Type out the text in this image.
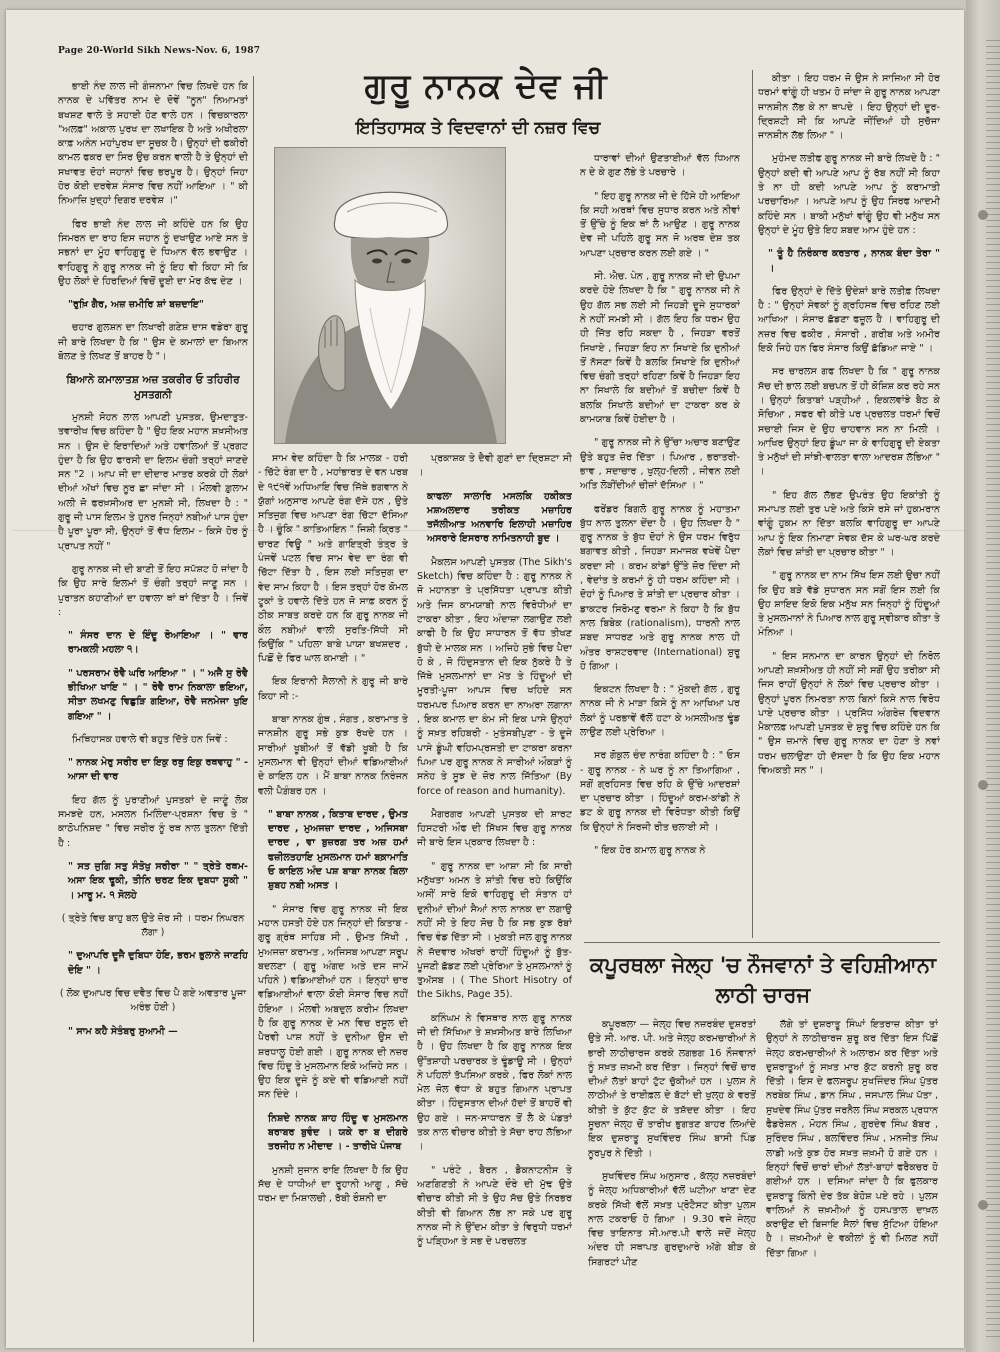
Page 20-World Sikh News-Nov. 6, 1987
ਗੁਰੂ ਨਾਨਕ ਦੇਵ ਜੀ
ਇਤਿਹਾਸਕ ਤੇ ਵਿਦਵਾਨਾਂ ਦੀ ਨਜ਼ਰ ਵਿਚ

ਭਾਈ ਨੰਦ ਲਾਲ ਜੀ ਗੰਜਨਾਮਾ ਵਿਚ ਲਿਖਦੇ ਹਨ ਕਿ ਨਾਨਕ ਦੇ ਪਵਿੱਤਰ ਨਾਮ ਦੇ ਦੋਵੇਂ "ਨੂਨ" ਨਿਆਮਤਾਂ ਬਖਸ਼ਣ ਵਾਲੇ ਤੇ ਸਹਾਈ ਹੋਣ ਵਾਲੇ ਹਨ । ਵਿਚਕਾਰਲਾ "ਅਲਫ਼" ਅਕਾਲ ਪੁਰਖ ਦਾ ਲਖਾਇਕ ਹੈ ਅਤੇ ਅਖੀਰਲਾ ਕਾਫ਼ ਅਨੰਨ ਮਹਾਂਪੁਰਖ ਦਾ ਸੂਚਕ ਹੈ। ਉਨ੍ਹਾਂ ਦੀ ਫਕੀਰੀ ਕਾਮਲ ਫਕਰ ਦਾ ਸਿਰ ਉਚ ਕਰਨ ਵਾਲੀ ਹੈ ਤੇ ਉਨ੍ਹਾਂ ਦੀ ਸਖਾਵਤ ਦੋਹਾਂ ਜਹਾਨਾਂ ਵਿਚ ਭਰਪੂਰ ਹੈ। ਉਨ੍ਹਾਂ ਜਿਹਾ ਹੋਰ ਕੋਈ ਦਰਵੇਸ਼ ਸੰਸਾਰ ਵਿਚ ਨਹੀਂ ਆਇਆ । " ਕੀ ਨਿਆਜ਼ਿ ਖ਼ੁਦ੍ਹਾਂ ਦਿਗਰ ਦਰਵੇਸ਼ ।"

ਫਿਰ ਭਾਈ ਨੰਦ ਲਾਲ ਜੀ ਕਹਿੰਦੇ ਹਨ ਕਿ ਉਹ ਸਿਮਰਨ ਦਾ ਰਾਹ ਇਸ ਜਹਾਨ ਨੂੰ ਦਖਾਉਣ ਆਏ ਸਨ ਤੇ ਸਭਨਾਂ ਦਾ ਮੂੰਹ ਵਾਹਿਗੁਰੂ ਦੇ ਧਿਆਨ ਵੱਲ ਭਵਾਉਣ । ਵਾਹਿਗੁਰੂ ਨੇ ਗੁਰੂ ਨਾਨਕ ਜੀ ਨੂੰ ਇਹ ਵੀ ਕਿਹਾ ਸੀ ਕਿ ਉਹ ਲੋਕਾਂ ਦੇ ਹਿਰਦਿਆਂ ਵਿਚੋਂ ਦੂਈ ਦਾ ਮੋਰ ਕੱਢ ਦੇਣ ।

"ਰੁਖ਼ਿ ਗੈਰ, ਅਜ਼ ਜ਼ਮੀਰਿ ਸ਼ਾਂ ਬਜ਼ਦਾਇ"

ਚਹਾਰ ਗੁਲਸ਼ਨ ਦਾ ਲਿਖਾਰੀ ਗਣੇਸ਼ ਦਾਸ ਵਡੇਰਾ ਗੁਰੂ ਜੀ ਬਾਰੇ ਲਿਖਦਾ ਹੈ ਕਿ " ਉਸ ਦੇ ਕਮਾਲਾਂ ਦਾ ਬਿਆਨ ਬੋਲਣ ਤੇ ਲਿਖਣ ਤੋਂ ਬਾਹਰ ਹੈ "।

ਬਿਆਨੇ ਕਮਾਲਾਤਸ਼ ਅਜ਼ ਤਕਰੀਰ ਓ ਤਹਿਰੀਰ ਮੁਸਤਗਨੀ

ਮੁਨਸ਼ੀ ਸੋਹਨ ਲਾਲ ਆਪਣੀ ਪੁਸਤਕ, ਉਮਦਾਤੁਤ-ਤਵਾਰੀਖ ਵਿਚ ਕਹਿੰਦਾ ਹੈ " ਉਹ ਇਕ ਮਹਾਨ ਸ਼ਖ਼ਸੀਅਤ ਸਨ । ਉਸ ਦੇ ਇਰਾਦਿਆਂ ਅਤੇ ਹਵਾਲਿਆਂ ਤੋਂ ਪ੍ਰਗਟ ਹੁੰਦਾ ਹੈ ਕਿ ਉਹ ਫਾਰਸੀ ਦਾ ਇਲਮ ਚੰਗੀ ਤਰ੍ਹਾਂ ਜਾਣਦੇ ਸਨ "2 । ਆਪ ਜੀ ਦਾ ਦੀਦਾਰ ਮਾਤਰ ਕਰਕੇ ਹੀ ਲੋਕਾਂ ਦੀਆਂ ਅੱਖਾਂ ਵਿਚ ਨੂਰ ਛਾ ਜਾਂਦਾ ਸੀ । ਮੌਲਵੀ ਗ਼ੁਲਾਮ ਅਲੀ ਜੋ ਫਰਖ਼ਸੀਅਰ ਦਾ ਮੁਨਸ਼ੀ ਸੀ, ਲਿਖਦਾ ਹੈ : " ਗੁਰੂ ਜੀ ਪਾਸ ਇਲਮ ਤੇ ਹੁਨਰ ਜਿਨ੍ਹਾਂ ਨਬੀਆਂ ਪਾਸ ਹੁੰਦਾ ਹੈ ਪੂਰਾ ਪੂਰਾ ਸੀ, ਉਨ੍ਹਾਂ ਤੋਂ ਵੱਧ ਇਲਮ - ਕਿਸੇ ਹੋਰ ਨੂੰ ਪ੍ਰਾਪਤ ਨਹੀਂ "

ਗੁਰੂ ਨਾਨਕ ਜੀ ਦੀ ਬਾਣੀ ਤੋਂ ਇਹ ਸਪੱਸ਼ਟ ਹੋ ਜਾਂਦਾ ਹੈ ਕਿ ਉਹ ਸਾਰੇ ਇਲਮਾਂ ਤੋਂ ਚੰਗੀ ਤਰ੍ਹਾਂ ਜਾਣੂ ਸਨ । ਪੁਰਾਤਨ ਕਹਾਣੀਆਂ ਦਾ ਹਵਾਲਾ ਥਾਂ ਥਾਂ ਦਿੱਤਾ ਹੈ । ਜਿਵੇਂ :

" ਸੰਸਰ ਦਾਨ ਦੇ ਇੰਦੂ ਰੋਆਇਆ । " ਵਾਰ ਰਾਮਕਲੀ ਮਹਲਾ ੧।

" ਪਰਸਰਾਮ ਰੋਵੈ ਘਰਿ ਆਇਆ " । " ਅਜੈ ਸੁ ਰੋਵੈ ਭੀਖਿਆ ਖਾਇ " । " ਰੋਵੈ ਰਾਮ ਨਿਕਾਲਾ ਭਇਆ, ਸੀਤਾ ਲਖਮਣੁ ਵਿਛੁੜਿ ਗਇਆ, ਰੋਵੈ ਜਨਮੇਜਾ ਖੁਇ ਗਇਆ " ।

ਮਿਥਿਹਾਸਕ ਹਵਾਲੇ ਵੀ ਬਹੁਤ ਦਿੱਤੇ ਹਨ ਜਿਵੇਂ :

" ਨਾਨਕ ਮੇਰੁ ਸਰੀਰ ਦਾ ਇਕੁ ਰਥੁ ਇਕੁ ਰਥਵਾਹੁ " - ਆਸਾ ਦੀ ਵਾਰ

ਇਹ ਗੱਲ ਨੂੰ ਪੁਰਾਣੀਆਂ ਪੁਸਤਕਾਂ ਦੇ ਜਾਣੂੰ ਲੋਕ ਸਮਝਦੇ ਹਨ, ਮਸਲਨ ਮਿਲਿੰਦਾ-ਪ੍ਰਸ਼ਨਾ ਵਿਚ ਤੇ " ਕਾਠੋਪਨਿਸ਼ਦ " ਵਿਚ ਸਰੀਰ ਨੂੰ ਰਥ ਨਾਲ ਤੁਲਨਾ ਦਿੱਤੀ ਹੈ :

" ਸਤ ਜੁਗਿ ਸਤੁ ਸੰਤੋਖੁ ਸਰੀਰਾ " " ਤ੍ਰੇਤੇ ਰਥਮ-ਅਸਾ ਇਕ ਢੂਕੀ, ਤੀਨਿ ਚਰਣ ਇਕ ਦੁਬਧਾ ਸੂਕੀ " । ਮਾਰੂ ਮ. ੧ ਸੋਲਹੇ

( ਤ੍ਰੇਤੇ ਵਿਚ ਬਾਹੁ ਬਲ ਉਤੇ ਜ਼ੋਰ ਸੀ । ਧਰਮ ਨਿਘਰਨ ਲੱਗਾ )

" ਦੁਆਪਰਿ ਦੂਜੈ ਦੁਬਿਧਾ ਹੋਇ, ਭਰਮ ਭੁਲਾਨੇ ਜਾਣਹਿ ਦੋਇ " ।

( ਲੋਕ ਦੁਆਪਰ ਵਿਚ ਦਵੈਤ ਵਿਚ ਪੈ ਗਏ ਅਵਤਾਰ ਪੂਜਾ ਅਰੰਭ ਹੋਈ )

" ਸਾਮ ਕਹੈ ਸੇਤੰਬਰੁ ਸੁਆਮੀ —

ਸਾਮ ਵੇਦ ਕਹਿੰਦਾ ਹੈ ਕਿ ਮਾਲਕ - ਹਰੀ - ਚਿੱਟੇ ਰੰਗ ਦਾ ਹੈ , ਮਹਾਂਭਾਰਤ ਦੇ ਵਨ ਪਰਬ ਦੇ ੧੯੧ਵੇਂ ਅਧਿਆਇ ਵਿਚ ਜਿੱਥੇ ਭਗਵਾਨ ਨੇ ਯੁੱਗਾਂ ਅਨੁਸਾਰ ਆਪਣੇ ਰੰਗ ਦੱਸੇ ਹਨ , ਉਤੇ ਸਤਿਜੁਗ ਵਿਚ ਆਪਣਾ ਰੰਗ ਚਿੱਟਾ ਦੱਸਿਆ ਹੈ । ਚੂੰਕਿ " ਕਾਤਿਆਇਨ " ਜਿਸ਼ੀ ਕ੍ਰਿਤ " ਚਾਰਣ ਵਿਊ " ਅਤੇ ਗਾਇਤ੍ਰੀ ਤੰਤ੍ਰ ਤੇ ਪੰਜਵੇਂ ਪਟਲ ਵਿਚ ਸਾਮ ਵੇਦ ਦਾ ਰੰਗ ਵੀ ਚਿੱਟਾ ਦਿੱਤਾ ਹੈ , ਇਸ ਲਈ ਸਤਿਜੁਗ ਦਾ ਵੇਦ ਸਾਮ ਕਿਹਾ ਹੈ । ਇਸ ਤਰ੍ਹਾਂ ਹੋਰ ਕੋਮਲ ਟੂਕਾਂ ਤੇ ਹਵਾਲੇ ਦਿੱਤੇ ਹਨ ਜੋ ਸਾਫ਼ ਕਰਨ ਨੂੰ ਠੀਕ ਸਾਬਤ ਕਰਦੇ ਹਨ ਕਿ ਗੁਰੂ ਨਾਨਕ ਜੀ ਕੌਲ ਨਬੀਆਂ ਵਾਲੀ ਸੁਰਤਿ-ਸਿੱਧੀ ਸੀ ਕਿਉਂਕਿ " ਪਹਿਲਾ ਬਾਬੇ ਪਾਯਾ ਬਖਸ਼ਦਰ , ਪਿਛੋਂ ਦੇ ਫਿਰ ਘਾਲ ਕਮਾਈ । "

ਇਕ ਇਰਾਨੀ ਸੈਲਾਨੀ ਨੇ ਗੁਰੂ ਜੀ ਬਾਰੇ ਕਿਹਾ ਸੀ :-

ਬਾਬਾ ਨਾਨਕ ਗੁੰਥ , ਸੰਗਤ , ਕਰਾਮਾਤ ਤੇ ਜਾਨਸ਼ੀਨ ਗੁਰੂ ਸਭੇ ਕੁਝ ਰੱਖਦੇ ਹਨ । ਸਾਰੀਆਂ ਖੂਬੀਆਂ ਤੋਂ ਵੱਡੀ ਖੂਬੀ ਹੈ ਕਿ ਮੁਸਲਮਾਨ ਵੀ ਉਨ੍ਹਾਂ ਦੀਆਂ ਵਡਿਆਈਆਂ ਦੇ ਕਾਇਲ ਹਨ । ਮੈਂ ਬਾਬਾ ਨਾਨਕ ਨਿਰੰਜਨ ਵਲੀ ਪੈਗ਼ੰਬਰ ਹਨ ।

" ਬਾਬਾ ਨਾਨਕ , ਕਿਤਾਬ ਦਾਰਦ , ਉਮਤ ਦਾਰਦ , ਮੁਅਜਜ਼ਾ ਦਾਰਦ , ਅਜਿਸਬਾ ਦਾਰਦ , ਵਾ ਬੁਜ਼ਰਗ ਤਰ ਅਜ਼ ਹਮਾਂ ਫਜ਼ੀਲਤਹਾਇ ਮੁਸਲਮਾਨ ਹਮਾਂ ਬਕ਼ਾਮਾਤਿ ਓ ਕਾਇਲ ਅੰਦ ਪਸ਼ ਬਾਬਾ ਨਾਨਕ ਬਿਲਾ ਸ਼ੁਬਹ ਨਬੀ ਅਸਤ ।

" ਸੰਸਾਰ ਵਿਚ ਗੁਰੂ ਨਾਨਕ ਜੀ ਇਕ ਮਹਾਨ ਹਸਤੀ ਹੋਏ ਹਨ ਜਿਨ੍ਹਾਂ ਦੀ ਕਿਤਾਬ - ਗੁਰੂ ਗ੍ਰੰਥ ਸਾਹਿਬ ਸੀ , ਉਮਤ ਸਿੱਖੀ , ਮੁਅਜਜ਼ਾ ਕਰਾਮਤ , ਅਜਿਸਬ ਆਪਣਾ ਸਰੂਪ ਬਦਲਣਾ ( ਗੁਰੂ ਅੰਗਦ ਅਤੇ ਦਸ ਜਾਮੇਂ ਪਹਿਨੇ ) ਵਡਿਆਈਆਂ ਹਨ । ਇਨ੍ਹਾਂ ਚਾਰ ਵਡਿਆਈਆਂ ਵਾਲਾ ਕੋਈ ਸੰਸਾਰ ਵਿਚ ਨਹੀਂ ਹੋਇਆ । ਮੌਲਵੀ ਅਬਦੁਲ ਕਰੀਮ ਲਿਖਦਾ ਹੈ ਕਿ ਗੁਰੂ ਨਾਨਕ ਦੇ ਮਨ ਵਿਚ ਰਸੂਲ ਦੀ ਪੈਰਵੀ ਪਾਸ਼ ਨਹੀਂ ਤੇ ਦੁਨੀਆ ਉਸ ਦੀ ਸ਼ਰਧਾਲੂ ਹੋਈ ਗਈ । ਗੁਰੂ ਨਾਨਕ ਦੀ ਨਜ਼ਰ ਵਿਚ ਹਿੰਦੂ ਤੇ ਮੁਸਲਮਾਨ ਇਕੋ ਅਜਿਹੇ ਸਨ । ਉਹ ਇਕ ਦੂਜੇ ਨੂੰ ਕਦੇ ਵੀ ਵਡਿਆਈ ਨਹੀਂ ਸਨ ਦਿੰਦੇ ।

ਨਿਸ਼ਦੇ ਨਾਨਕ ਸ਼ਾਹ ਹਿੰਦੂ ਵ ਮੁਸਲਮਾਨ ਬਰਾਬਰ ਬੁਵੰਦ । ਯਕੇ ਰਾ ਬ ਦੀਗਰੇ ਤਰਜੀਹ ਨ ਮੀਦਾਦ । - ਤਾਰੀਖੇ ਪੰਜਾਬ

ਮੁਨਸ਼ੀ ਸੁਜਾਨ ਰਾਇ ਲਿਖਦਾ ਹੈ ਕਿ ਉਹ ਸੱਚ ਦੇ ਧਾਧੀਆਂ ਦਾ ਰੂਹਾਨੀ ਆਗੂ , ਸੱਚੇ ਧਰਮ ਦਾ ਮਿਸ਼ਾਲਚੀ , ਰੱਬੀ ਰੌਸ਼ਨੀ ਦਾ

ਪ੍ਰਕਾਸ਼ਕ ਤੇ ਦੈਵੀ ਗੁਣਾਂ ਦਾ ਦ੍ਰਿਸ਼ਟਾ ਸੀ ।

ਕਾਫਲਾ ਸਾਲਾਰਿ ਮਸਲਕਿ ਹਕੀਕਤ ਮਸ਼ਅਲਦਾਰ ਤਰੀਕਤ ਮਜ਼ਾਹਿਰ ਤਜੱਲੀਆਤ ਅਨਵਾਰਿ ਇਲਾਹੀ ਮਜ਼ਾਹਿਰ ਅਸਰਾਰੇ ਇਸਰਾਰ ਨਾਮਿਤਨਾਹੀ ਬੂਦ ।

ਮੈਕਲਸ ਆਪਣੀ ਪੁਸਤਕ (The Sikh's Sketch) ਵਿਚ ਕਹਿੰਦਾ ਹੈ : ਗੁਰੂ ਨਾਨਕ ਨੇ ਜੋ ਮਹਾਨਤਾ ਤੇ ਪ੍ਰਸਿੱਧਤਾ ਪ੍ਰਾਪਤ ਕੀਤੀ ਅਤੇ ਜਿਸ ਕਾਮਯਾਬੀ ਨਾਲ ਵਿਰੋਧੀਆਂ ਦਾ ਟਾਕਰਾ ਕੀਤਾ , ਇਹ ਅੰਦਾਜ਼ਾ ਲਗਾਉਣ ਲਈ ਕਾਫੀ ਹੈ ਕਿ ਉਹ ਸਾਧਾਰਨ ਤੋਂ ਵੱਧ ਤੀਖਣ ਬੁੱਧੀ ਦੇ ਮਾਲਕ ਸਨ । ਅਜਿਹੇ ਸੁਭੇ ਵਿਚ ਪੈਦਾ ਹੋ ਕੇ , ਜੋ ਹਿੰਦੁਸਤਾਨ ਦੀ ਇਕ ਨੁੱਕਰੇ ਹੈ ਤੇ ਜਿੱਥੇ ਮੁਸਲਮਾਨਾਂ ਦਾ ਮੱਤ ਤੇ ਹਿੰਦੂਆਂ ਦੀ ਮੂਰਤੀ-ਪੂਜਾ ਆਪਸ ਵਿਚ ਖਹਿਦੇ ਸਨ ਧਰਮਪਰ ਪਿਆਰ ਕਰਨ ਦਾ ਨਾਅਰਾ ਲਗਾਨਾ , ਇਕ ਕਮਾਲ ਦਾ ਕੰਮ ਸੀ ਇਕ ਪਾਸੇ ਉਨ੍ਹਾਂ ਨੂੰ ਸਖ਼ਤ ਰਹਿਬਰੀ - ਮੁਤੰਸਬੀਪੁਣਾ - ਤੇ ਦੂਜੇ ਪਾਸੇ ਡੂੰਘੀ ਵਹਿਮਪ੍ਰਸਤੀ ਦਾ ਟਾਕਰਾ ਕਰਨਾ ਪਿਆ ਪਰ ਗੁਰੂ ਨਾਨਕ ਨੇ ਸਾਰੀਆਂ ਔਕੜਾਂ ਨੂੰ ਸਨੇਹ ਤੇ ਸੂਝ ਦੇ ਜ਼ੋਰ ਨਾਲ ਜਿੱਤਿਆ (By force of reason and humanity).

ਮੈਗਰਗਰ ਆਪਣੀ ਪੁਸਤਕ ਦੀ ਸ਼ਾਰਟ ਹਿਸਟਰੀ ਔਫ ਦੀ ਸਿੱਖਸ ਵਿਚ ਗੁਰੂ ਨਾਨਕ ਜੀ ਬਾਰੇ ਇਸ ਪ੍ਰਕਾਰ ਲਿਖਦਾ ਹੈ :

" ਗੁਰੂ ਨਾਨਕ ਦਾ ਆਸ਼ਾ ਸੀ ਕਿ ਸਾਰੀ ਮਨੁੱਖਤਾ ਅਮਨ ਤੇ ਸ਼ਾਂਤੀ ਵਿਚ ਰਹੇ ਕਿਉਂਕਿ ਅਸੀਂ ਸਾਰੇ ਇਕੋ ਵਾਹਿਗੁਰੂ ਦੀ ਸੰਤਾਨ ਹਾਂ ਦੁਨੀਆਂ ਦੀਆਂ ਸੈਆਂ ਨਾਲ ਨਾਨਕ ਦਾ ਲਗਾਉ ਨਹੀਂ ਸੀ ਤੇ ਇਹ ਸੋਚ ਹੈ ਕਿ ਸਭ ਕੁਝ ਰੱਬਾਂ ਵਿਚ ਵੰਡ ਦਿੱਤਾ ਸੀ । ਮੁਕਤੀ ਜਲ ਗੁਰੂ ਨਾਨਕ ਨੇ ਜੱਦਵਾਰ ਅੱਖਰਾਂ ਰਾਹੀਂ ਹਿੰਦੂਆਂ ਨੂੰ ਬੁੱਤ-ਪੂਜਣੀ ਛੱਡਣ ਲਈ ਪ੍ਰੇਰਿਆ ਤੇ ਮੁਸਲਮਾਨਾਂ ਨੂੰ ਤੁਅੱਸਬ । ( The Short Hisotry of the Sikhs, Page 35).

ਕਨਿੰਘਮ ਨੇ ਵਿਸਥਾਰ ਨਾਲ ਗੁਰੂ ਨਾਨਕ ਜੀ ਦੀ ਸਿੱਖਿਆ ਤੇ ਸ਼ਖ਼ਸੀਅਤ ਬਾਰੇ ਲਿਖਿਆ ਹੈ । ਉਹ ਲਿਖਦਾ ਹੈ ਕਿ ਗੁਰੂ ਨਾਨਕ ਇਕ ਉੱਤਸ਼ਾਹੀ ਪਰਚਾਰਕ ਤੇ ਢੂੰਡਾਊ ਸੀ । ਉਨ੍ਹਾਂ ਨੇ ਪਹਿਲਾਂ ਤੱਪਸਿਆ ਕਰਕੇ , ਫਿਰ ਲੋਕਾਂ ਨਾਲ ਮੇਲ ਜੋਲ ਵੱਧਾ ਕੇ ਬਹੁਤ ਗਿਆਨ ਪ੍ਰਾਪਤ ਕੀਤਾ । ਹਿੰਦੁਸਤਾਨ ਦੀਆਂ ਹੱਦਾਂ ਤੋਂ ਬਾਹਰੋਂ ਵੀ ਉਹ ਗਏ । ਜਨ-ਸਾਧਾਰਨ ਤੋਂ ਲੈ ਕੇ ਪੰਡਤਾਂ ਤਕ ਨਾਲ ਵੀਚਾਰ ਕੀਤੀ ਤੇ ਸੱਚਾ ਰਾਹ ਲੱਭਿਆ ।

" ਪਰੰਟੇ , ਬੈਰਨ , ਡੈਕਨਾਟਨੀਸ ਤੇ ਅਣਗਿਣਤੀ ਨੇ ਆਪਣੇ ਦੌਰੇ ਦੀ ਮੁੱਢ ਉਤੇ ਵੀਚਾਰ ਕੀਤੀ ਸੀ ਤੇ ਉਹ ਸੱਚ ਉਤੇ ਨਿਰਭਰ ਕੀਤੀ ਵੀ ਗਿਆਨ ਲੱਭ ਨਾ ਸਕੇ ਪਰ ਗੁਰੂ ਨਾਨਕ ਜੀ ਨੇ ਉੱਦਮ ਕੀਤਾ ਤੇ ਵਿਰੁਧੀ ਧਰਮਾਂ ਨੂੰ ਪੜ੍ਹਿਆ ਤੇ ਸਭ ਦੇ ਪਰਚਲਤ

ਧਾਰਾਵਾਂ ਦੀਆਂ ਉਣਤਾਈਆਂ ਵੱਲ ਧਿਆਨ ਨ ਦੇ ਕੇ ਗੁਣ ਲੱਭੇ ਤੇ ਪਰਚਾਰੇ ।

" ਇਹ ਗੁਰੂ ਨਾਨਕ ਜੀ ਦੇ ਹਿੱਸੇ ਹੀ ਆਇਆ ਕਿ ਸਹੀ ਅਰਥਾਂ ਵਿਚ ਸੁਧਾਰ ਕਰਨ ਅਤੇ ਨੀਵਾਂ ਤੋਂ ਉੱਚੇ ਨੂੰ ਇਕ ਥਾਂ ਲੈ ਆਉਣ । ਗੁਰੂ ਨਾਨਕ ਦੇਵ ਜੀ ਪਹਿਲੇ ਗੁਰੂ ਸਨ ਜੋ ਅਰਥ ਦੇਸ਼ ਤਕ ਆਪਣਾ ਪ੍ਰਚਾਰ ਕਰਨ ਲਈ ਗਏ । "

ਸੀ. ਐਚ. ਪੇਨ , ਗੁਰੂ ਨਾਨਕ ਜੀ ਦੀ ਉਪਮਾ ਕਰਦੇ ਹੋਏ ਲਿਖਦਾ ਹੈ ਕਿ " ਗੁਰੂ ਨਾਨਕ ਜੀ ਨੇ ਉਹ ਗੱਲ ਸਭ ਲਈ ਸੀ ਜਿਹੜੀ ਦੂਜੇ ਸੁਧਾਰਕਾਂ ਨੇ ਨਹੀਂ ਸਮਝੀ ਸੀ । ਗੱਲ ਇਹ ਕਿ ਧਰਮ ਉਹ ਹੀ ਜਿੱਤ ਰਹਿ ਸਕਦਾ ਹੈ , ਜਿਹੜਾ ਵਰਤੋਂ ਸਿਖਾਏ , ਜਿਹੜਾ ਇਹ ਨਾ ਸਿਖਾਏ ਕਿ ਦੁਨੀਆਂ ਤੋਂ ਨੱਸਣਾ ਕਿਵੇਂ ਹੈ ਬਲਕਿ ਸਿਖਾਏ ਕਿ ਦੁਨੀਆਂ ਵਿਚ ਚੰਗੀ ਤਰ੍ਹਾਂ ਰਹਿਣਾ ਕਿਵੇਂ ਹੈ ਜਿਹੜਾ ਇਹ ਨਾ ਸਿਖਾਲੇ ਕਿ ਬਦੀਆਂ ਤੋਂ ਬਚੀਦਾ ਕਿਵੇਂ ਹੈ ਬਲਕਿ ਸਿਖਾਲੇ ਬਦੀਆਂ ਦਾ ਟਾਕਰਾ ਕਰ ਕੇ ਕਾਮਯਾਬ ਕਿਵੇਂ ਹੋਈਦਾ ਹੈ ।

" ਗੁਰੂ ਨਾਨਕ ਜੀ ਨੇ ਉੱਚਾ ਅਚਾਰ ਬਣਾਉਣ ਉਤੇ ਬਹੁਤ ਜ਼ੋਰ ਦਿੱਤਾ । ਪਿਆਰ , ਭਰਾਤਰੀ-ਭਾਵ , ਸਦਾਚਾਰ , ਖੁਲ੍ਹ-ਦਿਲੀ , ਜੀਵਨ ਲਈ ਅਤਿ ਲੋੜੀਂਦੀਆਂ ਚੀਜ਼ਾਂ ਦੱਸਿਆ । "

ਫਰੇਂਡਰ ਬਿਗਲੋ ਗੁਰੂ ਨਾਨਕ ਨੂੰ ਮਹਾਤਮਾ ਬੁੱਧ ਨਾਲ ਤੁਲਨਾ ਦੇਂਦਾ ਹੈ । ਉਹ ਲਿਖਦਾ ਹੈ " ਗੁਰੂ ਨਾਨਕ ਤੇ ਬੁੱਧ ਦੋਹਾਂ ਨੇ ਉਸ ਧਰਮ ਵਿਰੁੱਧ ਬਗਾਵਤ ਕੀਤੀ , ਜਿਹੜਾ ਸਮਾਜਕ ਵਖੇਵੇਂ ਪੈਦਾ ਕਰਦਾ ਸੀ । ਕਰਮ ਕਾਂਡਾਂ ਉੱਤੇ ਜ਼ੋਰ ਦਿੰਦਾ ਸੀ , ਵੇਦਾਂਤ ਤੇ ਕਰਮਾਂ ਨੂੰ ਹੀ ਧਰਮ ਕਹਿੰਦਾ ਸੀ । ਦੋਹਾਂ ਨੂੰ ਪਿਆਰ ਤੇ ਸ਼ਾਂਤੀ ਦਾ ਪ੍ਰਚਾਰ ਕੀਤਾ । ਡਾਕਟਰ ਸਿਰੋਮਣੁ ਵਰਮਾ ਨੇ ਕਿਹਾ ਹੈ ਕਿ ਬੁੱਧ ਨਾਲ ਬਿਬੇਕ (rationalism), ਧਾਰਨੀ ਨਾਲ ਸ਼ਬਦ ਸਾਧਰਣ ਅਤੇ ਗੁਰੂ ਨਾਨਕ ਨਾਲ ਹੀ ਅੰਤਰ ਰਾਸ਼ਟਰਵਾਦ (International) ਸ਼ੁਰੂ ਹੋ ਗਿਆ ।

ਇਕਟਨ ਲਿਖਦਾ ਹੈ : " ਮੁੱਕਦੀ ਗੱਲ , ਗੁਰੂ ਨਾਨਕ ਜੀ ਨੇ ਮਾੜਾ ਕਿਸੇ ਨੂੰ ਨਾ ਆਖਿਆ ਪਰ ਲੋਕਾਂ ਨੂੰ ਪਰਭਾਵੇਂ ਵੱਲੋਂ ਹਟਾ ਕੇ ਅਸਲੀਅਤ ਢੂੰਡ ਲਾਉਣ ਲਈ ਪ੍ਰੇਰਿਆ ।

ਸਰ ਗੋਕੁਲ ਚੰਦ ਨਾਰੰਗ ਕਹਿੰਦਾ ਹੈ : " ਓਸ - ਗੁਰੂ ਨਾਨਕ - ਨੇ ਘਰ ਨੂੰ ਨਾ ਤਿਆਗਿਆ , ਸਗੋਂ ਗ੍ਰਹਿਸਤ ਵਿਚ ਰਹਿ ਕੇ ਉੱਚੇ ਆਦਰਸ਼ਾਂ ਦਾ ਪ੍ਰਚਾਰ ਕੀਤਾ । ਹਿੰਦੂਆਂ ਕਰਮ-ਕਾਂਡੀ ਨੇ ਡਟ ਕੇ ਗੁਰੂ ਨਾਨਕ ਦੀ ਵਿਰੋਧਤਾ ਕੀਤੀ ਕਿਉਂ ਕਿ ਉਨ੍ਹਾਂ ਨੇ ਸਿਰਜੀ ਰੀਤ ਚਲਾਈ ਸੀ ।

" ਇਕ ਹੋਰ ਕਮਾਲ ਗੁਰੂ ਨਾਨਕ ਨੇ

ਕੀਤਾ । ਇਹ ਧਰਮ ਜੋ ਉਸ ਨੇ ਸਾਜਿਆ ਸੀ ਹੋਰ ਧਰਮਾਂ ਵਾਂਗੂੰ ਹੀ ਖਤਮ ਹੋ ਜਾਂਦਾ ਜੇ ਗੁਰੂ ਨਾਨਕ ਆਪਣਾ ਜਾਨਸ਼ੀਨ ਲੱਭ ਕੇ ਨਾ ਥਾਪਦੇ । ਇਹ ਉਨ੍ਹਾਂ ਦੀ ਦੂਰ-ਦ੍ਰਿਸ਼ਟੀ ਸੀ ਕਿ ਆਪਣੇ ਜੀਂਦਿਆਂ ਹੀ ਸੁਚੱਜਾ ਜਾਨਸ਼ੀਨ ਲੱਭ ਲਿਆ " ।

ਮੁਹੰਮਦ ਲਤੀਫ ਗੁਰੂ ਨਾਨਕ ਜੀ ਬਾਰੇ ਲਿਖਦੇ ਹੈ : " ਉਨ੍ਹਾਂ ਕਦੀ ਵੀ ਆਪਣੇ ਆਪ ਨੂੰ ਰੱਬ ਨਹੀਂ ਸੀ ਕਿਹਾ ਤੇ ਨਾ ਹੀ ਕਦੀ ਆਪਣੇ ਆਪ ਨੂੰ ਕਰਾਮਾਤੀ ਪਰਚਾਰਿਆ । ਆਪਣੇ ਆਪ ਨੂੰ ਉਹ ਸਿਰਫ ਆਦਮੀ ਕਹਿੰਦੇ ਸਨ । ਬਾਕੀ ਮਨੁੱਖਾਂ ਵਾਂਗੂੰ ਉਹ ਵੀ ਮਨੁੱਖ ਸਨ ਉਨ੍ਹਾਂ ਦੇ ਮੂੰਹ ਉਤੇ ਇਹ ਸ਼ਬਦ ਆਮ ਹੁੰਦੇ ਹਨ :

" ਤੂੰ ਹੈ ਨਿਰੰਕਾਰ ਕਰਤਾਰ , ਨਾਨਕ ਬੰਦਾ ਤੇਰਾ " ।

ਫਿਰ ਉਨ੍ਹਾਂ ਦੇ ਦਿੱਤੇ ਉਦੇਸ਼ਾਂ ਬਾਰੇ ਲਤੀਫ਼ ਲਿਖਦਾ ਹੈ : " ਉਨ੍ਹਾਂ ਸੇਵਕਾਂ ਨੂੰ ਗ੍ਰਹਿਸਥ ਵਿਚ ਰਹਿਣ ਲਈ ਆਖਿਆ । ਸੰਸਾਰ ਛੱਡਣਾ ਫਜ਼ੂਲ ਹੈ । ਵਾਹਿਗੁਰੂ ਦੀ ਨਜ਼ਰ ਵਿਚ ਫਕੀਰ , ਸੰਸਾਰੀ , ਗਰੀਬ ਅਤੇ ਅਮੀਰ ਇਕੋ ਜਿਹੇ ਹਨ ਫਿਰ ਸੰਸਾਰ ਕਿਉਂ ਛੱਡਿਆ ਜਾਏ " ।

ਸਰ ਚਾਰਲਸ ਗਫ ਲਿਖਦਾ ਹੈ ਕਿ " ਗੁਰੂ ਨਾਨਕ ਸੱਚ ਦੀ ਭਾਲ ਲਈ ਬਚਪਨ ਤੋਂ ਹੀ ਕੋਸ਼ਿਸ਼ ਕਰ ਰਹੇ ਸਨ । ਉਨ੍ਹਾਂ ਕਿਤਾਬਾਂ ਪੜ੍ਹੀਆਂ , ਇਕਲਵਾਂਝੇ ਬੈਠ ਕੇ ਸੋਚਿਆ , ਸਫਰ ਵੀ ਕੀਤੇ ਪਰ ਪ੍ਰਚਲਤ ਧਰਮਾਂ ਵਿਚੋਂ ਸਚਾਈ ਜਿਸ ਦੇ ਉਹ ਚਾਹਵਾਨ ਸਨ ਨਾ ਮਿਲੀ । ਆਖਿਰ ਉਨ੍ਹਾਂ ਇਹ ਡੂੰਘਾ ਜਾ ਕੇ ਵਾਹਿਗੁਰੂ ਦੀ ਏਕਤਾ ਤੇ ਮਨੁੱਖਾਂ ਦੀ ਸਾਂਝੀ-ਵਾਲਤਾ ਵਾਲਾ ਆਦਰਸ਼ ਲੱਭਿਆ " ।

" ਇਹ ਗੱਲ ਲੱਭਣ ਉਪਰੰਤ ਉਹ ਇਕਾਂਤੀ ਨੂੰ ਸਮਾਪਤ ਲਈ ਤੁਰ ਪਏ ਅਤੇ ਕਿਸੇ ਰਸੇ ਜਾਂ ਹੁਕਮਰਾਨ ਵਾਂਗੂੰ ਹੁਕਮ ਨਾ ਦਿੱਤਾ ਬਲਕਿ ਵਾਹਿਗੁਰੂ ਦਾ ਆਪਣੇ ਆਪ ਨੂੰ ਇਕ ਨਿਮਾਣਾ ਸੇਵਕ ਦੱਸ ਕੇ ਘਰ-ਘਰ ਕਰਦੇ ਲੋਕਾਂ ਵਿਚ ਸ਼ਾਂਤੀ ਦਾ ਪ੍ਰਚਾਰ ਕੀਤਾ " ।

" ਗੁਰੂ ਨਾਨਕ ਦਾ ਨਾਮ ਸਿੱਖ ਇਸ ਲਈ ਉਚਾ ਨਹੀਂ ਕਿ ਉਹ ਬੜੇ ਵੱਡੇ ਸੁਧਾਰਨ ਸਨ ਸਗੋਂ ਇਸ ਲਈ ਕਿ ਉਹ ਸ਼ਾਇਦ ਇਕੋ ਇਕ ਮਨੁੱਖ ਸਨ ਜਿਨ੍ਹਾਂ ਨੂੰ ਹਿੰਦੂਆਂ ਤੇ ਮੁਸਲਮਾਨਾਂ ਨੇ ਪਿਆਰ ਨਾਲ ਗੁਰੂ ਸ੍ਵੀਕਾਰ ਕੀਤਾ ਤੇ ਮੰਨਿਆ ।

" ਇਸ ਸਨਮਾਨ ਦਾ ਕਾਰਨ ਉਨ੍ਹਾਂ ਦੀ ਨਿਰੋਲ ਆਪਣੀ ਸ਼ਖ਼ਸੀਅਤ ਹੀ ਨਹੀਂ ਸੀ ਸਗੋਂ ਉਹ ਤਰੀਕਾ ਸੀ ਜਿਸ ਰਾਹੀਂ ਉਨ੍ਹਾਂ ਨੇ ਲੋਕਾਂ ਵਿਚ ਪ੍ਰਚਾਰ ਕੀਤਾ । ਉਨ੍ਹਾਂ ਪੂਰਨ ਨਿਮਰਤਾ ਨਾਲ ਬਿਨਾਂ ਕਿਸੇ ਨਾਲ ਵਿਰੋਧ ਪਾਏ ਪ੍ਰਚਾਰ ਕੀਤਾ । ਪ੍ਰਸਿੱਧ ਅੰਗਰੇਜ਼ ਵਿਦਵਾਨ ਮੈਕਾਲਫ਼ ਆਪਣੀ ਪੁਸਤਕ ਦੇ ਸ਼ੁਰੂ ਵਿਚ ਕਹਿੰਦੇ ਹਨ ਕਿ " ਉਸ ਜ਼ਮਾਨੇ ਵਿਚ ਗੁਰੂ ਨਾਨਕ ਦਾ ਹੋਣਾ ਤੇ ਨਵਾਂ ਧਰਮ ਚਲਾਉਣਾ ਹੀ ਦੱਸਦਾ ਹੈ ਕਿ ਉਹ ਇਕ ਮਹਾਨ ਵਿਅਕਤੀ ਸਨ " ।

ਕਪੂਰਥਲਾ ਜੇਲ੍ਹ 'ਚ ਨੌਜਵਾਨਾਂ ਤੇ ਵਹਿਸ਼ੀਆਨਾ ਲਾਠੀ ਚਾਰਜ

ਕਪੂਰਥਲਾ — ਜੇਲ੍ਹ ਵਿਚ ਨਜ਼ਰਬੰਦ ਦੁਸ਼ਰਤਾਂ ਉਤੇ ਸੀ. ਆਰ. ਪੀ. ਅਤੇ ਜੇਲ੍ਹ ਕਰਮਚਾਰੀਆਂ ਨੇ ਭਾਰੀ ਲਾਠੀਚਾਰਜ ਕਰਕੇ ਲਗਭਗ 16 ਨੌਜਵਾਨਾਂ ਨੂੰ ਸਖ਼ਤ ਜ਼ਖ਼ਮੀ ਕਰ ਦਿੱਤਾ । ਜਿਨ੍ਹਾਂ ਵਿਚੋਂ ਚਾਰ ਦੀਆਂ ਲੱਤਾਂ ਬਾਹਾਂ ਟੁੱਟ ਚੁੱਕੀਆਂ ਹਨ । ਪੁਲਸ ਨੇ ਲਾਠੀਆਂ ਤੇ ਰਾਈਫ਼ਲ ਦੇ ਬੱਟਾਂ ਦੀ ਖੁਲ੍ਹ ਕੇ ਵਰਤੋਂ ਕੀਤੀ ਤੇ ਕੁੱਟ ਕੁੱਟ ਕੇ ਤਸ਼ੱਦਦ ਕੀਤਾ । ਇਹ ਸੂਚਨਾ ਜੇਲ੍ਹ ਚੋਂ ਤਾਰੀਖ ਭੁਗਤਣ ਬਾਹਰ ਲਿਆਂਦੇ ਇਕ ਦੁਸ਼ਰਾਤੂ ਸੁਖਵਿੰਦਰ ਸਿੰਘ ਬਾਸੀ ਪਿੰਡ ਨੂਰਪੁਰ ਨੇ ਦਿੱਤੀ ।

ਸੁਖਵਿੰਦਰ ਸਿੰਘ ਅਨੁਸਾਰ , ਕੱਲ੍ਹ ਨਜ਼ਰਬੰਦਾਂ ਨੂੰ ਜੇਲ੍ਹ ਅਧਿਕਾਰੀਆਂ ਵੱਲੋਂ ਘਟੀਆ ਖਾਣਾ ਦੇਣ ਕਰਕੇ ਸਿੱਖੀ ਵੱਲੋਂ ਸਖ਼ਤ ਪ੍ਰੋਟੈਸਟ ਕੀਤਾ ਪੁਲਸ ਨਾਲ ਟਕਰਾਓ ਹੋ ਗਿਆ । 9.30 ਵਜੇ ਜੇਲ੍ਹ ਵਿਚ ਤਾਇਨਾਤ ਸੀ.ਆਰ.ਪੀ ਵਾਲੇ ਜਦੋਂ ਜੇਲ੍ਹ ਅੰਦਰ ਹੀ ਸਥਾਪਤ ਗੁਰਦੁਆਰੇ ਅੱਗੇ ਬੀੜ ਕੇ ਸਿਗਰਟਾਂ ਪੀਣ

ਲੱਗੇ ਤਾਂ ਦੁਸ਼ਰਾਤੂ ਸਿੰਘਾਂ ਇਤਰਾਜ਼ ਕੀਤਾ ਤਾਂ ਉਨ੍ਹਾਂ ਨੇ ਲਾਠੀਚਾਰਜ ਸ਼ੁਰੂ ਕਰ ਦਿੱਤਾ ਇਸ ਪਿੱਛੋਂ ਜੇਲ੍ਹ ਕਰਮਚਾਰੀਆਂ ਨੇ ਅਲਾਰਮ ਕਰ ਦਿੱਤਾ ਅਤੇ ਦੁਸ਼ਰਾਤੂਆਂ ਨੂੰ ਸਖ਼ਤ ਮਾਰ ਕੁੱਟ ਕਰਨੀ ਸ਼ੁਰੂ ਕਰ ਦਿੱਤੀ । ਇਸ ਦੇ ਫਲਸਰੂਪ ਸੁਖਜਿੰਦਰ ਸਿੰਘ ਪੁੱਤਰ ਨਰਬੇਕ ਸਿੰਘ , ਡਾਨ ਸਿੰਘ , ਜਸਪਾਲ ਸਿੰਘ ਪੱਤਾ , ਸੁਖਦੇਵ ਸਿੰਘ ਪੁੱਤਰ ਜਰਨੈਲ ਸਿੰਘ ਸਰਕਲ ਪ੍ਰਧਾਨ ਫੈਡਰੇਸ਼ਨ , ਮੋਹਨ ਸਿੰਘ , ਗੁਰਦੇਵ ਸਿੰਘ ਬੱਬਰ , ਸੁਰਿੰਦਰ ਸਿੰਘ , ਬਲਵਿੰਦਰ ਸਿੰਘ , ਮਨਜੀਤ ਸਿੰਘ ਲਾਡੀ ਅਤੇ ਕੁਝ ਹੋਰ ਸਖ਼ਤ ਜ਼ਖ਼ਮੀ ਹੋ ਗਏ ਹਨ । ਇਨ੍ਹਾਂ ਵਿਚੋਂ ਚਾਰਾਂ ਦੀਆਂ ਲੱਤਾਂ-ਬਾਹਾਂ ਫਰੈਕਚਰ ਹੋ ਗਈਆਂ ਹਨ । ਦਸਿਆ ਜਾਂਦਾ ਹੈ ਕਿ ਫੁਲਕਾਰ ਦੁਸ਼ਰਾਤੂ ਕਿੰਨੀ ਦੇਰ ਤੱਕ ਬੇਹੋਸ਼ ਪਏ ਰਹੇ । ਪੁਲਸ ਵਾਲਿਆਂ ਨੇ ਜ਼ਖ਼ਮੀਆਂ ਨੂੰ ਹਸਪਤਾਲ ਦਾਖ਼ਲ ਕਰਾਉਣ ਦੀ ਬਿਜਾਇ ਸੈਲਾਂ ਵਿਚ ਸੁੱਟਿਆ ਹੋਇਆ ਹੈ । ਜ਼ਖ਼ਮੀਆਂ ਦੇ ਵਕੀਲਾਂ ਨੂੰ ਵੀ ਮਿਲਣ ਨਹੀਂ ਦਿੱਤਾ ਗਿਆ ।
